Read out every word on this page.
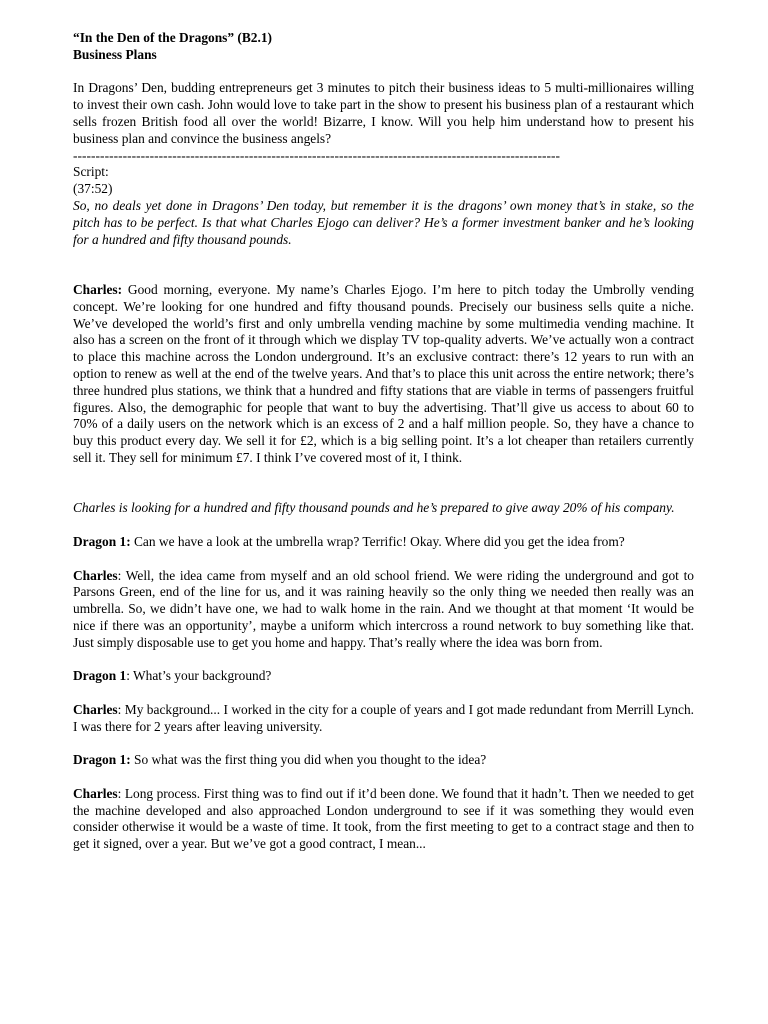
“In the Den of the Dragons” (B2.1)

Business Plans

In Dragons’ Den, budding entrepreneurs get 3 minutes to pitch their business ideas to 5 multi-millionaires willing to invest their own cash. John would love to take part in the show to present his business plan of a restaurant which sells frozen British food all over the world! Bizarre, I know. Will you help him understand how to present his business plan and convince the business angels?

------------------------------------------------------------------------------------------------------------

Script:

(37:52)

So, no deals yet done in Dragons’ Den today, but remember it is the dragons’ own money that’s in stake, so the pitch has to be perfect. Is that what Charles Ejogo can deliver? He’s a former investment banker and he’s looking for a hundred and fifty thousand pounds.

Charles: Good morning, everyone. My name’s Charles Ejogo. I’m here to pitch today the Umbrolly vending concept. We’re looking for one hundred and fifty thousand pounds. Precisely our business sells quite a niche. We’ve developed the world’s first and only umbrella vending machine by some multimedia vending machine. It also has a screen on the front of it through which we display TV top-quality adverts. We’ve actually won a contract to place this machine across the London underground. It’s an exclusive contract: there’s 12 years to run with an option to renew as well at the end of the twelve years. And that’s to place this unit across the entire network; there’s three hundred plus stations, we think that a hundred and fifty stations that are viable in terms of passengers fruitful figures. Also, the demographic for people that want to buy the advertising. That’ll give us access to about 60 to 70% of a daily users on the network which is an excess of 2 and a half million people. So, they have a chance to buy this product every day. We sell it for £2, which is a big selling point. It’s a lot cheaper than retailers currently sell it. They sell for minimum £7. I think I’ve covered most of it, I think.

Charles is looking for a hundred and fifty thousand pounds and he’s prepared to give away 20% of his company.

Dragon 1: Can we have a look at the umbrella wrap? Terrific! Okay. Where did you get the idea from?

Charles: Well, the idea came from myself and an old school friend. We were riding the underground and got to Parsons Green, end of the line for us, and it was raining heavily so the only thing we needed then really was an umbrella. So, we didn’t have one, we had to walk home in the rain. And we thought at that moment ‘It would be nice if there was an opportunity’, maybe a uniform which intercross a round network to buy something like that. Just simply disposable use to get you home and happy. That’s really where the idea was born from.

Dragon 1: What’s your background?

Charles: My background... I worked in the city for a couple of years and I got made redundant from Merrill Lynch. I was there for 2 years after leaving university.

Dragon 1: So what was the first thing you did when you thought to the idea?

Charles: Long process. First thing was to find out if it’d been done. We found that it hadn’t. Then we needed to get the machine developed and also approached London underground to see if it was something they would even consider otherwise it would be a waste of time. It took, from the first meeting to get to a contract stage and then to get it signed, over a year. But we’ve got a good contract, I mean...
